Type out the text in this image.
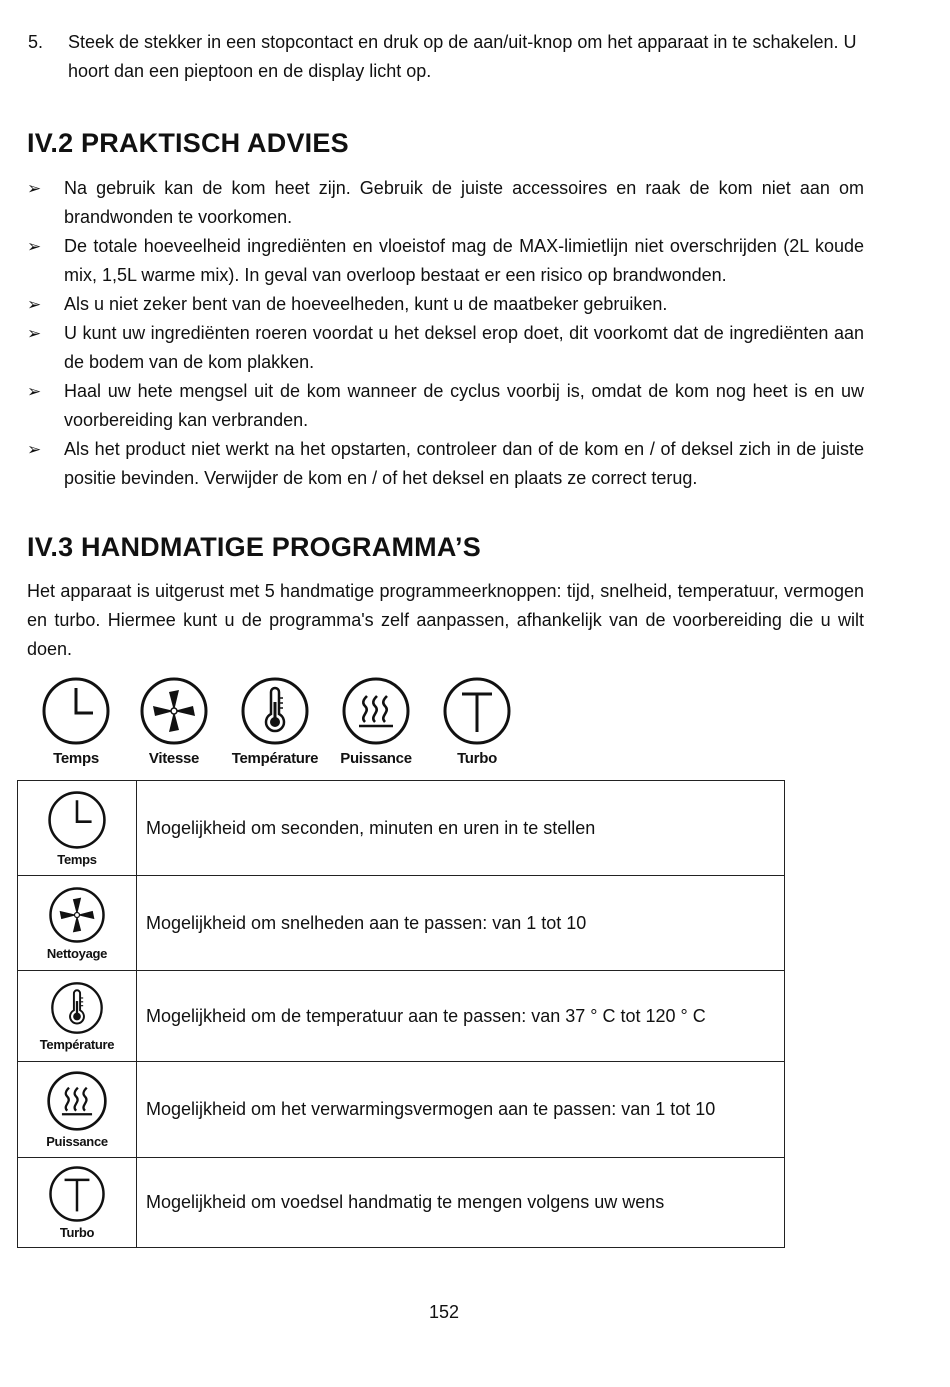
5. Steek de stekker in een stopcontact en druk op de aan/uit-knop om het apparaat in te schakelen. U hoort dan een pieptoon en de display licht op.
IV.2 PRAKTISCH ADVIES
➢ Na gebruik kan de kom heet zijn. Gebruik de juiste accessoires en raak de kom niet aan om brandwonden te voorkomen.
➢ De totale hoeveelheid ingrediënten en vloeistof mag de MAX-limietlijn niet overschrijden (2L koude mix, 1,5L warme mix). In geval van overloop bestaat er een risico op brandwonden.
➢ Als u niet zeker bent van de hoeveelheden, kunt u de maatbeker gebruiken.
➢ U kunt uw ingrediënten roeren voordat u het deksel erop doet, dit voorkomt dat de ingrediënten aan de bodem van de kom plakken.
➢ Haal uw hete mengsel uit de kom wanneer de cyclus voorbij is, omdat de kom nog heet is en uw voorbereiding kan verbranden.
➢ Als het product niet werkt na het opstarten, controleer dan of de kom en / of deksel zich in de juiste positie bevinden. Verwijder de kom en / of het deksel en plaats ze correct terug.
IV.3 HANDMATIGE PROGRAMMA’S

Het apparaat is uitgerust met 5 handmatige programmeerknoppen: tijd, snelheid, temperatuur, vermogen en turbo. Hiermee kunt u de programma's zelf aanpassen, afhankelijk van de voorbereiding die u wilt doen.

Temps	Vitesse	Température	Puissance	Turbo
Temps	Mogelijkheid om seconden, minuten en uren in te stellen

Nettoyage	Mogelijkheid om snelheden aan te passen: van 1 tot 10

Température	Mogelijkheid om de temperatuur aan te passen: van 37 ° C tot 120 ° C

Puissance	Mogelijkheid om het verwarmingsvermogen aan te passen: van 1 tot 10

Turbo	Mogelijkheid om voedsel handmatig te mengen volgens uw wens
152
